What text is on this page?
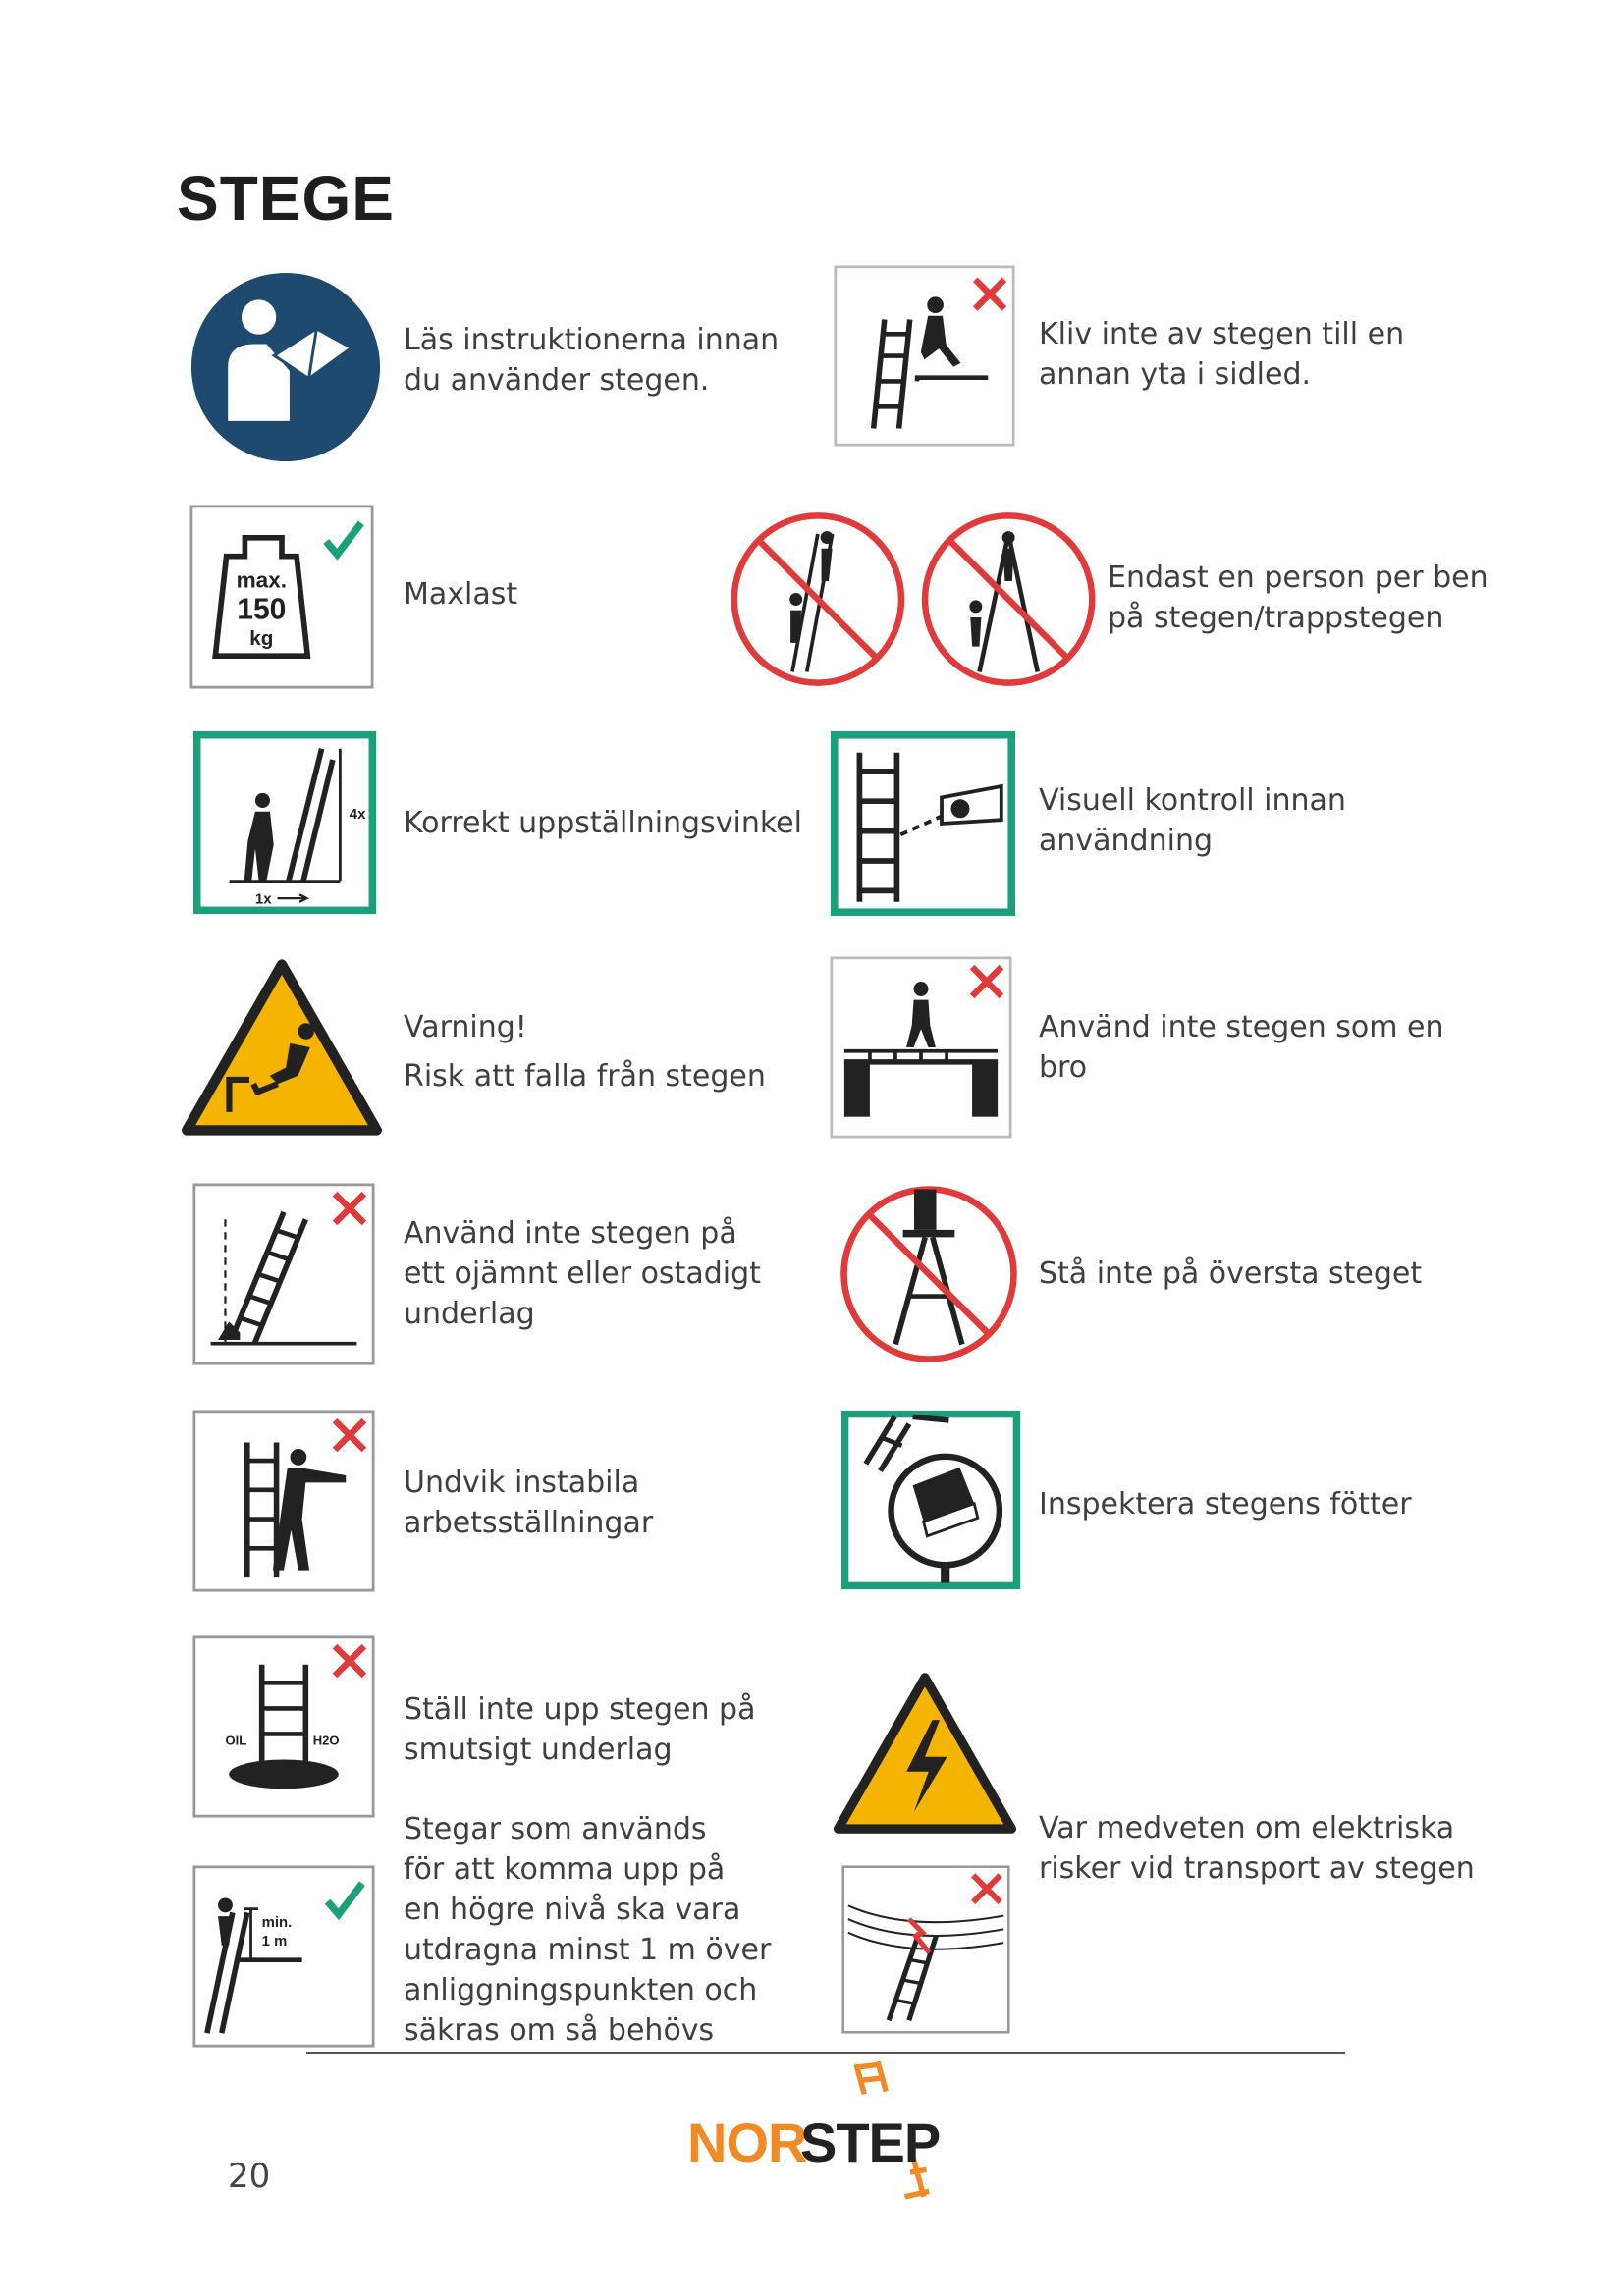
STEGE
max.
150
kg
4x
1x
OIL	H2O
min.
1 m
Läs instruktionerna innan
du använder stegen.
Kliv inte av stegen till en
annan yta i sidled.
Maxlast	Endast en person per ben
på stegen/trappstegen
Korrekt uppställningsvinkel
Visuell kontroll innan
användning
Varning!
Risk att falla från stegen
Använd inte stegen som en
bro
Använd inte stegen på
ett ojämnt eller ostadigt
underlag
Stå inte på översta steget
Undvik instabila
arbetsställningar
Inspektera stegens fötter
Ställ inte upp stegen på
smutsigt underlag
Stegar som används
för att komma upp på
en högre nivå ska vara
utdragna minst 1 m över
anliggningspunkten och
säkras om så behövs
Var medveten om elektriska
risker vid transport av stegen
20
NOR
STEP
